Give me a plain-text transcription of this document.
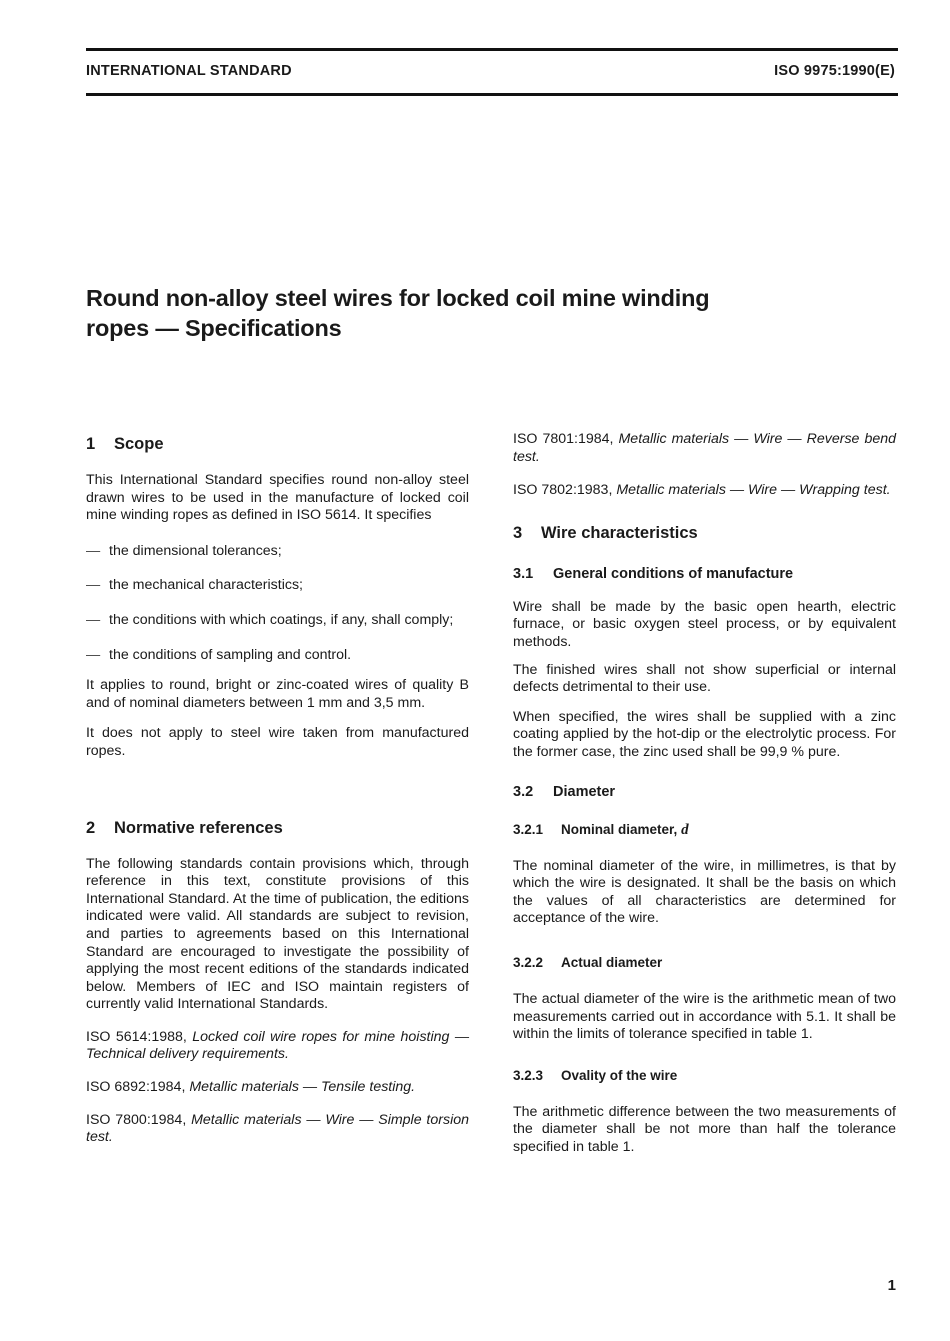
INTERNATIONAL STANDARD	ISO 9975:1990(E)
Round non-alloy steel wires for locked coil mine winding
ropes — Specifications
1 Scope

This International Standard specifies round non-alloy steel drawn wires to be used in the manufacture of locked coil mine winding ropes as defined in ISO 5614. It specifies

— the dimensional tolerances;
— the mechanical characteristics;
— the conditions with which coatings, if any, shall comply;
— the conditions of sampling and control.

It applies to round, bright or zinc-coated wires of quality B and of nominal diameters between 1 mm and 3,5 mm.

It does not apply to steel wire taken from manufactured ropes.

2 Normative references

The following standards contain provisions which, through reference in this text, constitute provisions of this International Standard. At the time of publication, the editions indicated were valid. All standards are subject to revision, and parties to agreements based on this International Standard are encouraged to investigate the possibility of applying the most recent editions of the standards indicated below. Members of IEC and ISO maintain registers of currently valid International Standards.

ISO 5614:1988, Locked coil wire ropes for mine hoisting — Technical delivery requirements.

ISO 6892:1984, Metallic materials — Tensile testing.

ISO 7800:1984, Metallic materials — Wire — Simple torsion test.

ISO 7801:1984, Metallic materials — Wire — Reverse bend test.

ISO 7802:1983, Metallic materials — Wire — Wrapping test.

3 Wire characteristics
3.1 General conditions of manufacture

Wire shall be made by the basic open hearth, electric furnace, or basic oxygen steel process, or by equivalent methods.

The finished wires shall not show superficial or internal defects detrimental to their use.

When specified, the wires shall be supplied with a zinc coating applied by the hot-dip or the electrolytic process. For the former case, the zinc used shall be 99,9 % pure.

3.2 Diameter
3.2.1 Nominal diameter, d

The nominal diameter of the wire, in millimetres, is that by which the wire is designated. It shall be the basis on which the values of all characteristics are determined for acceptance of the wire.

3.2.2 Actual diameter

The actual diameter of the wire is the arithmetic mean of two measurements carried out in accordance with 5.1. It shall be within the limits of tolerance specified in table 1.

3.2.3 Ovality of the wire

The arithmetic difference between the two measurements of the diameter shall be not more than half the tolerance specified in table 1.

1
